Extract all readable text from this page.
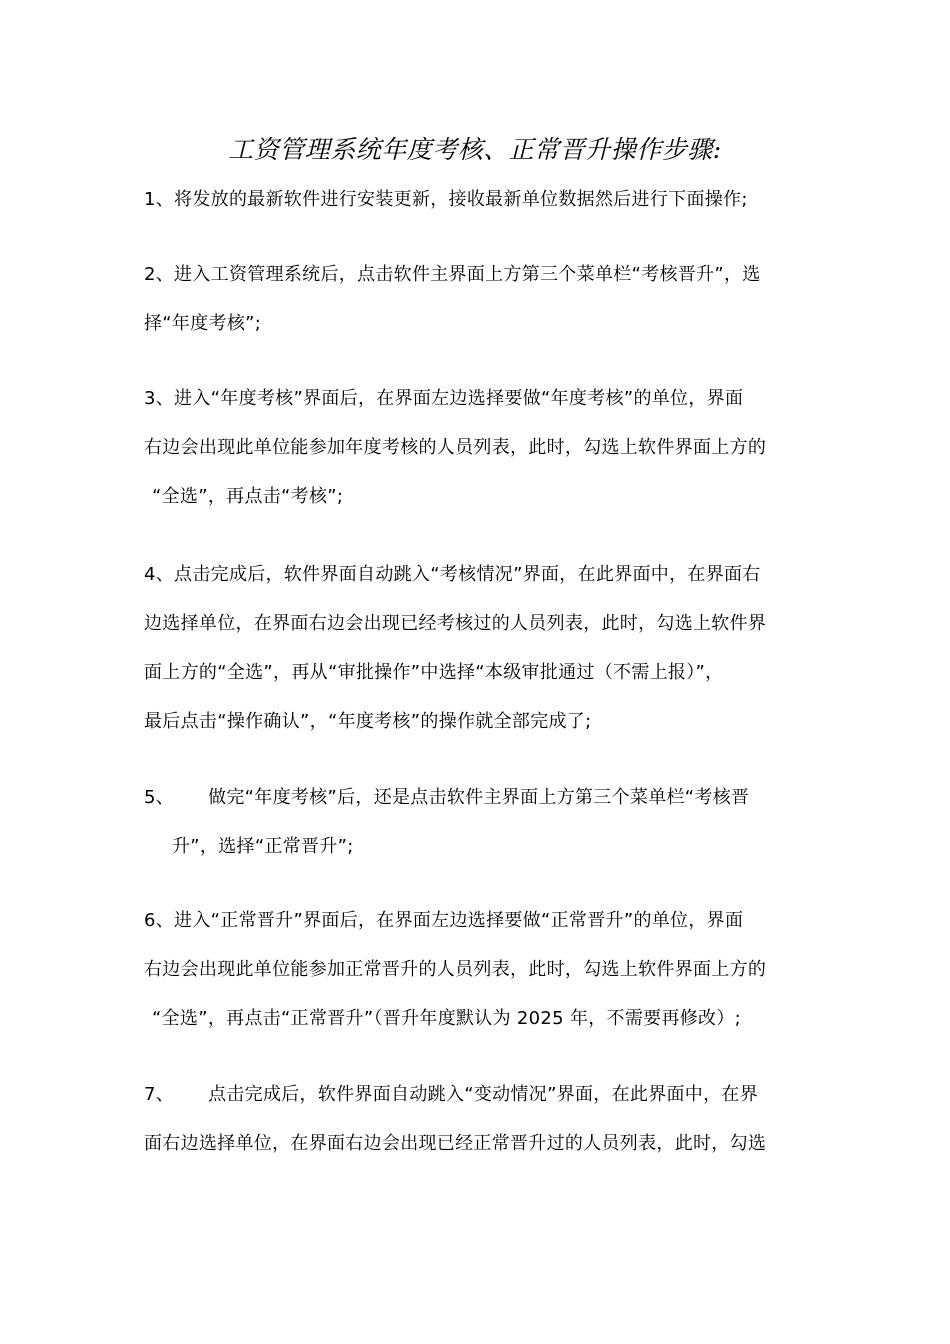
工资管理系统年度考核、正常晋升操作步骤:
1、将发放的最新软件进行安装更新，接收最新单位数据然后进行下面操作;
2、进入工资管理系统后，点击软件主界面上方第三个菜单栏“考核晋升”，选
择“年度考核”;
3、进入“年度考核”界面后，在界面左边选择要做“年度考核”的单位，界面
右边会出现此单位能参加年度考核的人员列表，此时，勾选上软件界面上方的
“全选”，再点击“考核”;
4、点击完成后，软件界面自动跳入“考核情况”界面，在此界面中，在界面右
边选择单位，在界面右边会出现已经考核过的人员列表，此时，勾选上软件界
面上方的“全选”，再从“审批操作”中选择“本级审批通过（不需上报）”，
最后点击“操作确认”，“年度考核”的操作就全部完成了;
5、 做完“年度考核”后，还是点击软件主界面上方第三个菜单栏“考核晋
升”，选择“正常晋升”;
6、进入“正常晋升”界面后，在界面左边选择要做“正常晋升”的单位，界面
右边会出现此单位能参加正常晋升的人员列表，此时，勾选上软件界面上方的
“全选”，再点击“正常晋升”（晋升年度默认为 2025 年，不需要再修改）;
7、 点击完成后，软件界面自动跳入“变动情况”界面，在此界面中，在界
面右边选择单位，在界面右边会出现已经正常晋升过的人员列表，此时，勾选
